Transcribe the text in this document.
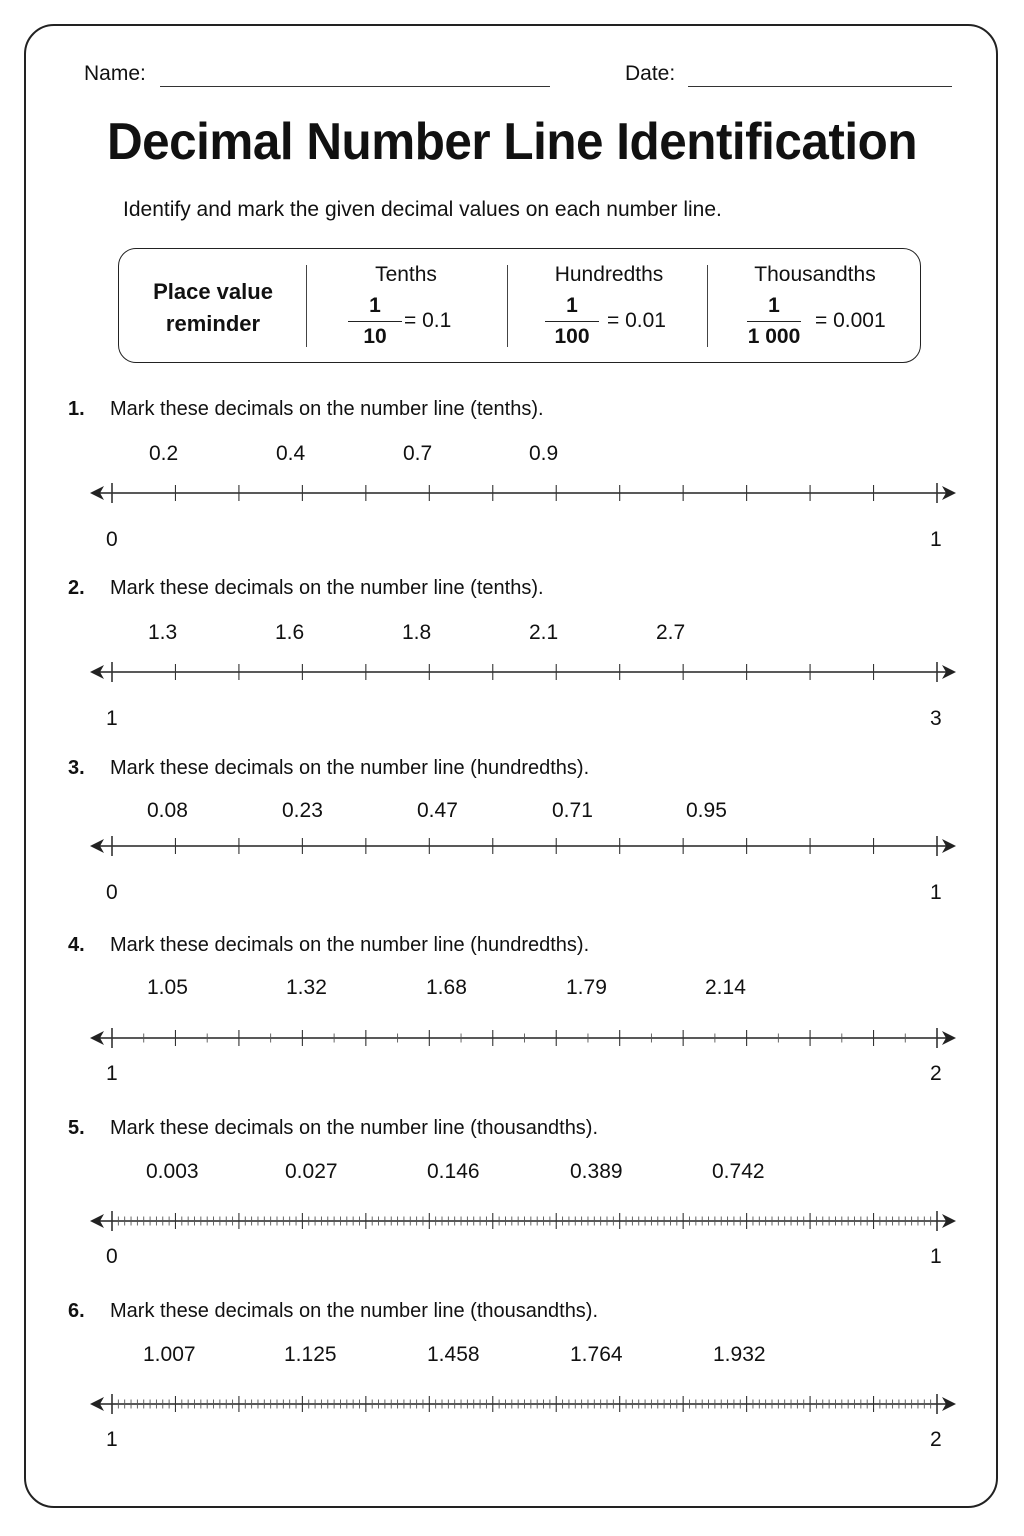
Name:	Date:
Decimal Number Line Identification
Identify and mark the given decimal values on each number line.
Place value
reminder
Tenths
1
10
= 0.1
Hundredths
1
100
= 0.01
Thousandths
1
1 000
= 0.001
1. Mark these decimals on the number line (tenths).
0.2	0.4	0.7	0.9
0	1
2. Mark these decimals on the number line (tenths).
1.3	1.6	1.8	2.1	2.7
1	3
3. Mark these decimals on the number line (hundredths).
0.08	0.23	0.47	0.71	0.95
0	1
4. Mark these decimals on the number line (hundredths).
1.05	1.32	1.68	1.79	2.14
1	2
5. Mark these decimals on the number line (thousandths).
0.003	0.027	0.146	0.389	0.742
0	1
6. Mark these decimals on the number line (thousandths).
1.007	1.125	1.458	1.764	1.932
1	2
